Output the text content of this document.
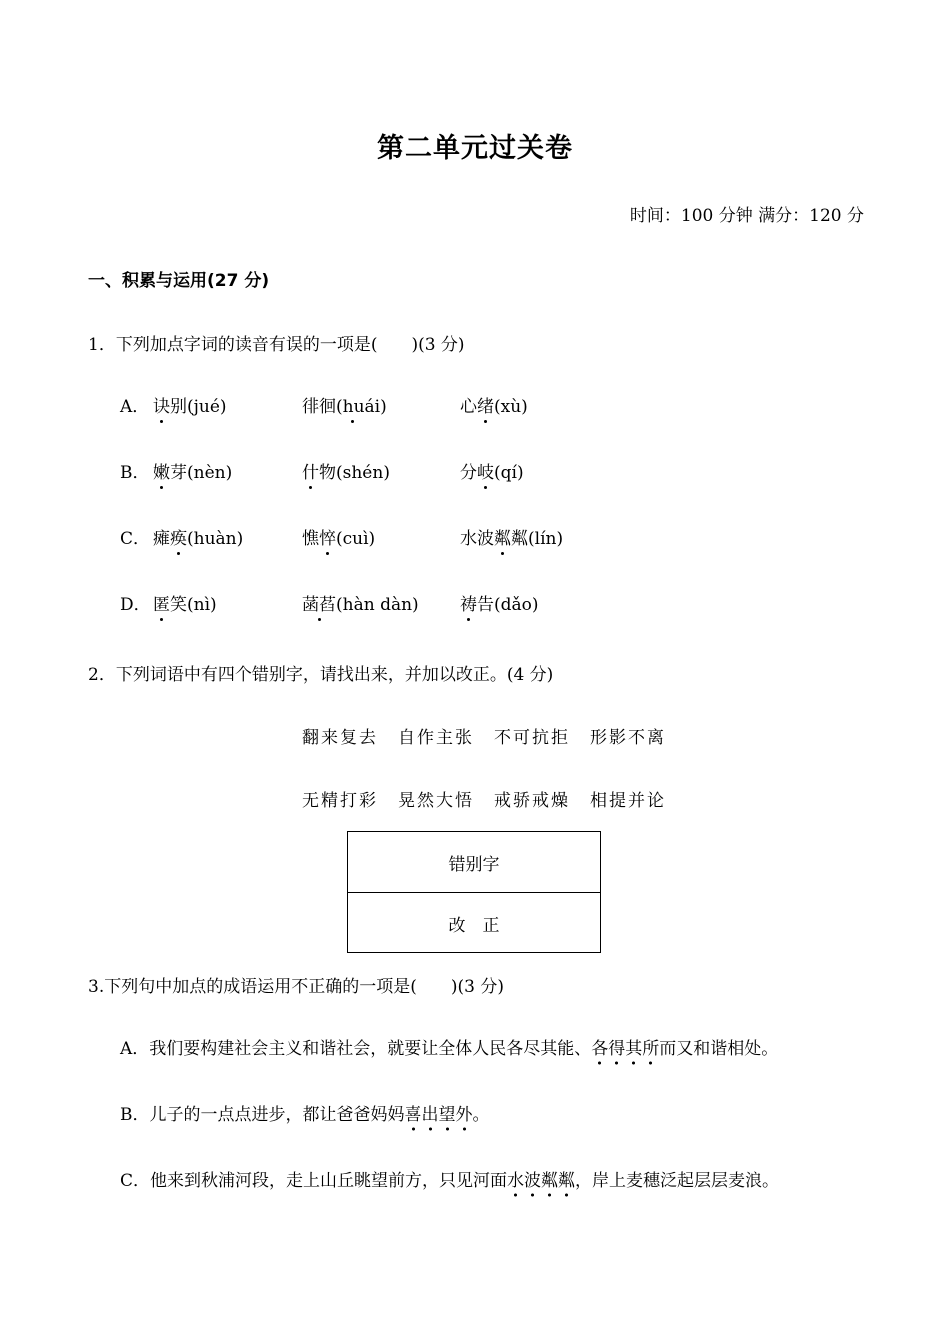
第二单元过关卷
时间：100 分钟 满分：120 分
一、积累与运用(27 分)
1．下列加点字词的读音有误的一项是(　　)(3 分)
A． 诀别(jué)	徘徊(huái)	心绪(xù)
B． 嫩芽(nèn)	什物(shén)	分岐(qí)
C． 瘫痪(huàn)	憔悴(cuì)	水波粼粼(lín)
D． 匿笑(nì)	菡萏(hàn dàn) 祷告(dǎo)
2．下列词语中有四个错别字，请找出来，并加以改正。(4 分)
翻来复去 自作主张 不可抗拒 形影不离
无精打彩 晃然大悟 戒骄戒燥 相提并论
错别字
改　正
3.下列句中加点的成语运用不正确的一项是(　　)(3 分)
A．我们要构建社会主义和谐社会，就要让全体人民各尽其能、各得其所而又和谐相处。
B．儿子的一点点进步，都让爸爸妈妈喜出望外。
C．他来到秋浦河段，走上山丘眺望前方，只见河面水波粼粼，岸上麦穗泛起层层麦浪。
